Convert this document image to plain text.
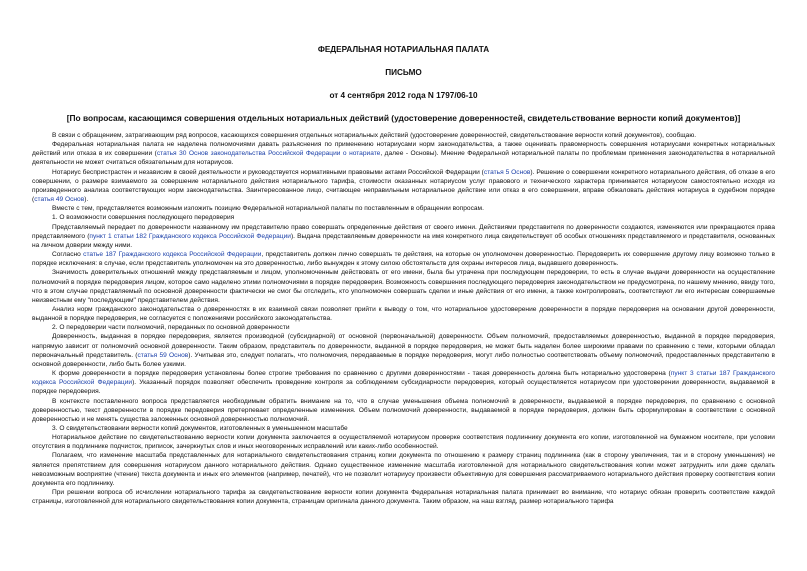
ФЕДЕРАЛЬНАЯ НОТАРИАЛЬНАЯ ПАЛАТА
ПИСЬМО
от 4 сентября 2012 года N 1797/06-10
[По вопросам, касающимся совершения отдельных нотариальных действий (удостоверение доверенностей, свидетельствование верности копий документов)]

В связи с обращением, затрагивающим ряд вопросов, касающихся совершения отдельных нотариальных действий (удостоверение доверенностей, свидетельствование верности копий документов), сообщаю.

Федеральная нотариальная палата не наделена полномочиями давать разъяснения по применению нотариусами норм законодательства, а также оценивать правомерность совершения нотариусами конкретных нотариальных действий или отказа в их совершении (статья 30 Основ законодательства Российской Федерации о нотариате, далее - Основы). Мнение Федеральной нотариальной палаты по проблемам применения законодательства в нотариальной деятельности не может считаться обязательным для нотариусов.

Нотариус беспристрастен и независим в своей деятельности и руководствуется нормативными правовыми актами Российской Федерации (статья 5 Основ). Решение о совершении конкретного нотариального действия, об отказе в его совершении, о размере взимаемого за совершение нотариального действия нотариального тарифа, стоимости оказанных нотариусом услуг правового и технического характера принимается нотариусом самостоятельно исходя из произведенного анализа соответствующих норм законодательства. Заинтересованное лицо, считающее неправильным нотариальное действие или отказ в его совершении, вправе обжаловать действия нотариуса в судебном порядке (статья 49 Основ).

Вместе с тем, представляется возможным изложить позицию Федеральной нотариальной палаты по поставленным в обращении вопросам.

1. О возможности совершения последующего передоверия

Представляемый передает по доверенности названному им представителю право совершать определенные действия от своего имени. Действиями представителя по доверенности создаются, изменяются или прекращаются права представляемого (пункт 1 статьи 182 Гражданского кодекса Российской Федерации). Выдача представляемым доверенности на имя конкретного лица свидетельствует об особых отношениях представляемого и представителя, основанных на личном доверии между ними.

Согласно статье 187 Гражданского кодекса Российской Федерации, представитель должен лично совершать те действия, на которые он уполномочен доверенностью. Передоверить их совершение другому лицу возможно только в порядке исключения: в случае, если представитель уполномочен на это доверенностью, либо вынужден к этому силою обстоятельств для охраны интересов лица, выдавшего доверенность.

Значимость доверительных отношений между представляемым и лицом, уполномоченным действовать от его имени, была бы утрачена при последующем передоверии, то есть в случае выдачи доверенности на осуществление полномочий в порядке передоверия лицом, которое само наделено этими полномочиями в порядке передоверия. Возможность совершения последующего передоверия законодательством не предусмотрена, по нашему мнению, ввиду того, что в этом случае представляемый по основной доверенности фактически не смог бы отследить, кто уполномочен совершать сделки и иные действия от его имени, а также контролировать, соответствуют ли его интересам совершаемые неизвестным ему "последующим" представителем действия.

Анализ норм гражданского законодательства о доверенностях в их взаимной связи позволяет прийти к выводу о том, что нотариальное удостоверение доверенности в порядке передоверия на основании другой доверенности, выданной в порядке передоверия, не согласуется с положениями российского законодательства.

2. О передоверии части полномочий, переданных по основной доверенности

Доверенность, выданная в порядке передоверия, является производной (субсидиарной) от основной (первоначальной) доверенности. Объем полномочий, предоставляемых доверенностью, выданной в порядке передоверия, напрямую зависит от полномочий основной доверенности. Таким образом, представитель по доверенности, выданной в порядке передоверия, не может быть наделен более широкими правами по сравнению с теми, которыми обладал первоначальный представитель. (статья 59 Основ). Учитывая это, следует полагать, что полномочия, передаваемые в порядке передоверия, могут либо полностью соответствовать объему полномочий, предоставленных представителю в основной доверенности, либо быть более узкими.

К форме доверенности в порядке передоверия установлены более строгие требования по сравнению с другими доверенностями - такая доверенность должна быть нотариально удостоверена (пункт 3 статьи 187 Гражданского кодекса Российской Федерации). Указанный порядок позволяет обеспечить проведение контроля за соблюдением субсидиарности передоверия, который осуществляется нотариусом при удостоверении доверенности, выдаваемой в порядке передоверия.

В контексте поставленного вопроса представляется необходимым обратить внимание на то, что в случае уменьшения объема полномочий в доверенности, выдаваемой в порядке передоверия, по сравнению с основной доверенностью, текст доверенности в порядке передоверия претерпевает определенные изменения. Объем полномочий доверенности, выдаваемой в порядке передоверия, должен быть сформулирован в соответствии с основной доверенностью и не менять существа заложенных основной доверенностью полномочий.

3. О свидетельствовании верности копий документов, изготовленных в уменьшенном масштабе

Нотариальное действие по свидетельствованию верности копии документа заключается в осуществляемой нотариусом проверке соответствия подлиннику документа его копии, изготовленной на бумажном носителе, при условии отсутствия в подлиннике подчисток, приписок, зачеркнутых слов и иных неоговоренных исправлений или каких-либо особенностей.

Полагаем, что изменение масштаба представленных для нотариального свидетельствования страниц копии документа по отношению к размеру страниц подлинника (как в сторону увеличения, так и в сторону уменьшения) не является препятствием для совершения нотариусом данного нотариального действия. Однако существенное изменение масштаба изготовленной для нотариального свидетельствования копии может затруднить или даже сделать невозможным восприятие (чтение) текста документа и иных его элементов (например, печатей), что не позволит нотариусу произвести объективную для совершения рассматриваемого нотариального действия проверку соответствия копии документа его подлиннику.

При решении вопроса об исчислении нотариального тарифа за свидетельствование верности копии документа Федеральная нотариальная палата принимает во внимание, что нотариус обязан проверить соответствие каждой страницы, изготовленной для нотариального свидетельствования копии документа, страницам оригинала данного документа. Таким образом, на наш взгляд, размер нотариального тарифа
